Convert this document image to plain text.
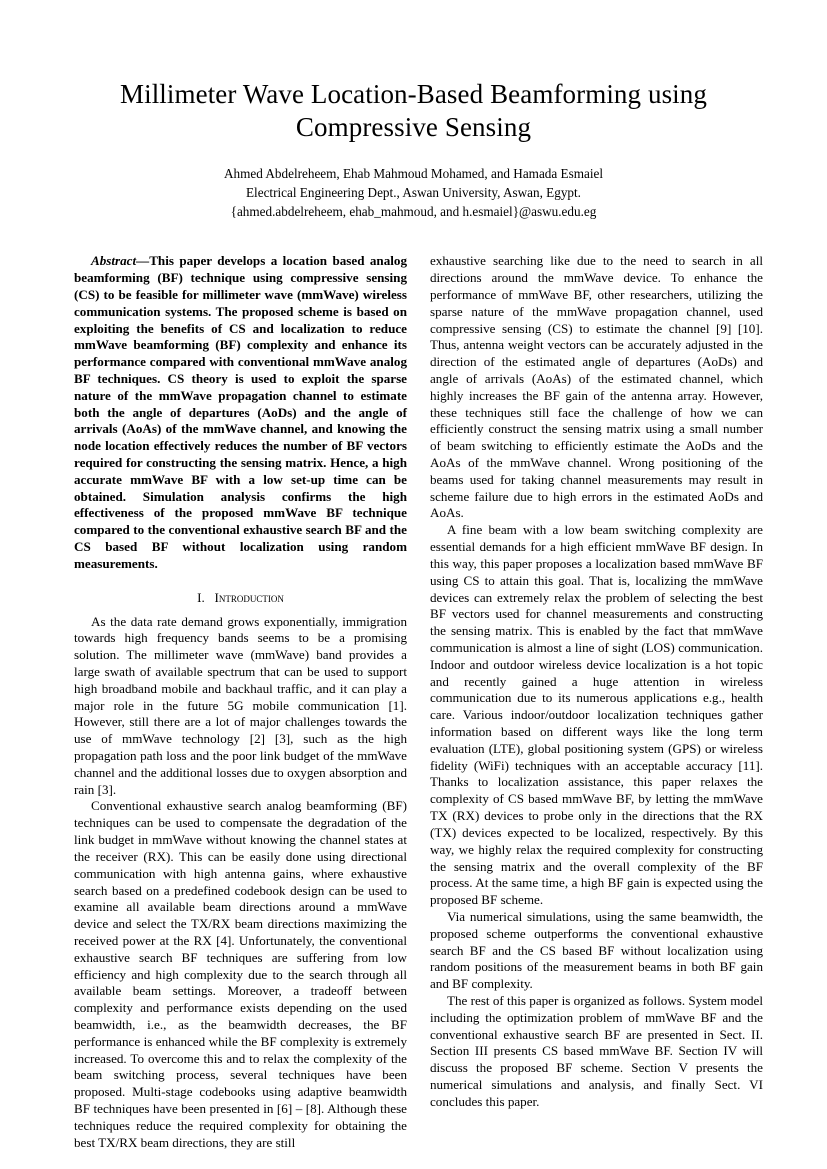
Millimeter Wave Location-Based Beamforming using Compressive Sensing
Ahmed Abdelreheem, Ehab Mahmoud Mohamed, and Hamada Esmaiel
Electrical Engineering Dept., Aswan University, Aswan, Egypt.
{ahmed.abdelreheem, ehab_mahmoud, and h.esmaiel}@aswu.edu.eg

Abstract—This paper develops a location based analog beamforming (BF) technique using compressive sensing (CS) to be feasible for millimeter wave (mmWave) wireless communication systems. The proposed scheme is based on exploiting the benefits of CS and localization to reduce mmWave beamforming (BF) complexity and enhance its performance compared with conventional mmWave analog BF techniques. CS theory is used to exploit the sparse nature of the mmWave propagation channel to estimate both the angle of departures (AoDs) and the angle of arrivals (AoAs) of the mmWave channel, and knowing the node location effectively reduces the number of BF vectors required for constructing the sensing matrix. Hence, a high accurate mmWave BF with a low set-up time can be obtained. Simulation analysis confirms the high effectiveness of the proposed mmWave BF technique compared to the conventional exhaustive search BF and the CS based BF without localization using random measurements.

I. Introduction

As the data rate demand grows exponentially, immigration towards high frequency bands seems to be a promising solution. The millimeter wave (mmWave) band provides a large swath of available spectrum that can be used to support high broadband mobile and backhaul traffic, and it can play a major role in the future 5G mobile communication [1]. However, still there are a lot of major challenges towards the use of mmWave technology [2] [3], such as the high propagation path loss and the poor link budget of the mmWave channel and the additional losses due to oxygen absorption and rain [3].

Conventional exhaustive search analog beamforming (BF) techniques can be used to compensate the degradation of the link budget in mmWave without knowing the channel states at the receiver (RX). This can be easily done using directional communication with high antenna gains, where exhaustive search based on a predefined codebook design can be used to examine all available beam directions around a mmWave device and select the TX/RX beam directions maximizing the received power at the RX [4]. Unfortunately, the conventional exhaustive search BF techniques are suffering from low efficiency and high complexity due to the search through all available beam settings. Moreover, a tradeoff between complexity and performance exists depending on the used beamwidth, i.e., as the beamwidth decreases, the BF performance is enhanced while the BF complexity is extremely increased. To overcome this and to relax the complexity of the beam switching process, several techniques have been proposed. Multi-stage codebooks using adaptive beamwidth BF techniques have been presented in [6] – [8]. Although these techniques reduce the required complexity for obtaining the best TX/RX beam directions, they are still

exhaustive searching like due to the need to search in all directions around the mmWave device. To enhance the performance of mmWave BF, other researchers, utilizing the sparse nature of the mmWave propagation channel, used compressive sensing (CS) to estimate the channel [9] [10]. Thus, antenna weight vectors can be accurately adjusted in the direction of the estimated angle of departures (AoDs) and angle of arrivals (AoAs) of the estimated channel, which highly increases the BF gain of the antenna array. However, these techniques still face the challenge of how we can efficiently construct the sensing matrix using a small number of beam switching to efficiently estimate the AoDs and the AoAs of the mmWave channel. Wrong positioning of the beams used for taking channel measurements may result in scheme failure due to high errors in the estimated AoDs and AoAs.

A fine beam with a low beam switching complexity are essential demands for a high efficient mmWave BF design. In this way, this paper proposes a localization based mmWave BF using CS to attain this goal. That is, localizing the mmWave devices can extremely relax the problem of selecting the best BF vectors used for channel measurements and constructing the sensing matrix. This is enabled by the fact that mmWave communication is almost a line of sight (LOS) communication. Indoor and outdoor wireless device localization is a hot topic and recently gained a huge attention in wireless communication due to its numerous applications e.g., health care. Various indoor/outdoor localization techniques gather information based on different ways like the long term evaluation (LTE), global positioning system (GPS) or wireless fidelity (WiFi) techniques with an acceptable accuracy [11]. Thanks to localization assistance, this paper relaxes the complexity of CS based mmWave BF, by letting the mmWave TX (RX) devices to probe only in the directions that the RX (TX) devices expected to be localized, respectively. By this way, we highly relax the required complexity for constructing the sensing matrix and the overall complexity of the BF process. At the same time, a high BF gain is expected using the proposed BF scheme.

Via numerical simulations, using the same beamwidth, the proposed scheme outperforms the conventional exhaustive search BF and the CS based BF without localization using random positions of the measurement beams in both BF gain and BF complexity.

The rest of this paper is organized as follows. System model including the optimization problem of mmWave BF and the conventional exhaustive search BF are presented in Sect. II. Section III presents CS based mmWave BF. Section IV will discuss the proposed BF scheme. Section V presents the numerical simulations and analysis, and finally Sect. VI concludes this paper.
